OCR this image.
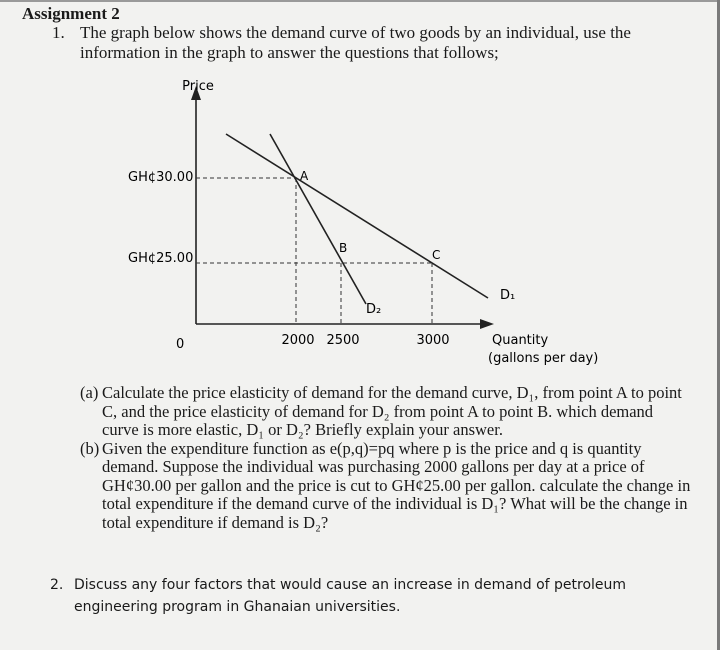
Assignment 2
1. The graph below shows the demand curve of two goods by an individual, use the information in the graph to answer the questions that follows;
Price
Quantity
(gallons per day)
GH¢30.00
GH¢25.00
0	2000 2500	3000
A
B	C
D₁
D₂
(a) Calculate the price elasticity of demand for the demand curve, D₁, from point A to point C, and the price elasticity of demand for D₂ from point A to point B. which demand curve is more elastic, D₁ or D₂? Briefly explain your answer.
(b) Given the expenditure function as e(p,q)=pq where p is the price and q is quantity demand. Suppose the individual was purchasing 2000 gallons per day at a price of GH¢30.00 per gallon and the price is cut to GH¢25.00 per gallon. calculate the change in total expenditure if the demand curve of the individual is D₁? What will be the change in total expenditure if demand is D₂?
2. Discuss any four factors that would cause an increase in demand of petroleum engineering program in Ghanaian universities.
